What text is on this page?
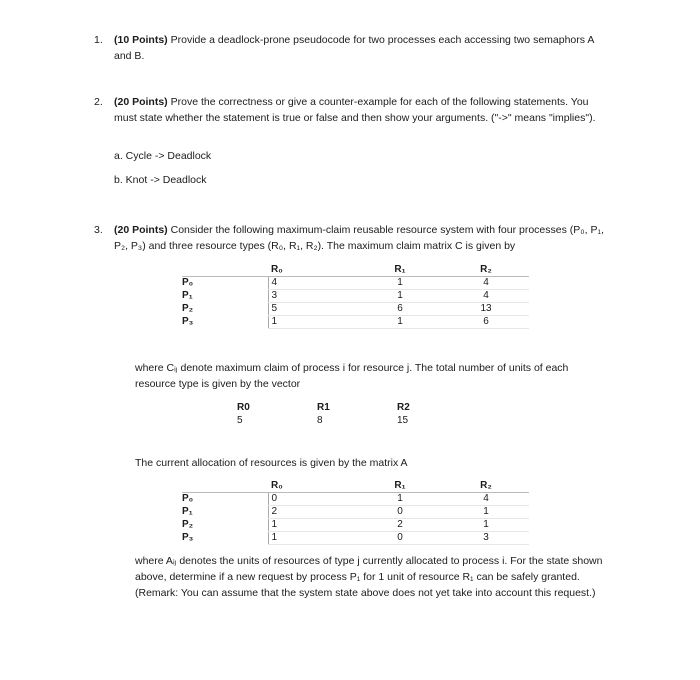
1. (10 Points) Provide a deadlock-prone pseudocode for two processes each accessing two semaphors A and B.
2. (20 Points) Prove the correctness or give a counter-example for each of the following statements. You must state whether the statement is true or false and then show your arguments. ("->" means "implies").
a. Cycle -> Deadlock
b. Knot -> Deadlock
3. (20 Points) Consider the following maximum-claim reusable resource system with four processes (P₀, P₁, P₂, P₃) and three resource types (R₀, R₁, R₂). The maximum claim matrix C is given by
	R₀	R₁	R₂
P₀	4	1	4
P₁	3	1	4
P₂	5	6	13
P₃	1	1	6
where Cᵢⱼ denote maximum claim of process i for resource j. The total number of units of each resource type is given by the vector
R0	R1	R2
5	8	15
The current allocation of resources is given by the matrix A
	R₀	R₁	R₂
P₀	0	1	4
P₁	2	0	1
P₂	1	2	1
P₃	1	0	3
where Aᵢⱼ denotes the units of resources of type j currently allocated to process i. For the state shown above, determine if a new request by process P₁ for 1 unit of resource R₁ can be safely granted. (Remark: You can assume that the system state above does not yet take into account this request.)
